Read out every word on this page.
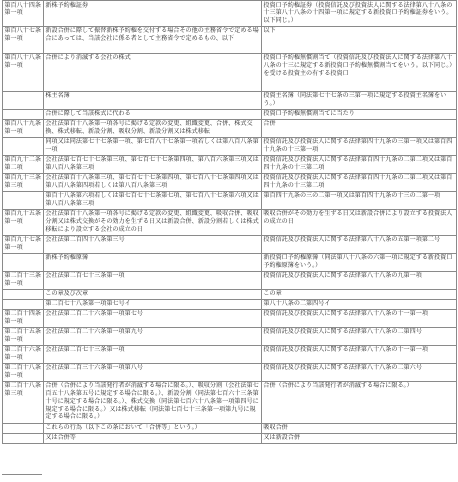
第百八十四条第一項	新株予約権証券	投資口予約権証券（投資信託及び投資法人に関する法律第八十八条の十三第八十八条の十四第一項に規定する新投資口予約権証券をいう。以下同じ。）
第百八十七条第一項	新設合併に際して振替新株予約権を交付する場合その他の主務省令で定める場合にあっては、当該会社に係る者として主務省令で定めるもの、以下	以下
第百八十八条第一項	合併により消滅する会社の株式	投資口予約権無償割当て（投資信託及び投資法人に関する法律第八十八条の十三に規定する新投資口予約権無償割当てをいう。以下同じ。）を受ける投資主の有する投資口
	株主名簿	投資主名簿（同法第七十七条の三第一項に規定する投資主名簿をいう。）
	合併に際して当該株式に代わる	投資口予約権無償割当てに当たり
第百八十九条第一項	会社法第百十八条第一項各号に掲げる定款の変更、組織変更、合併、株式交換、株式移転、新設分割、吸収分割、新設分割又は株式移転	合併
	同項又は同法第七十七条第一項、第七百八十七条第一項若しくは第八百八条第一項	投資信託及び投資法人に関する法律第四十九条の三第一項又は第百四十九条の十三第一項
第百九十二条第二項	会社法第七百七十七条第三項、第七百七十七条第四項、第八百六条第三項又は第八百八条第三項	投資信託及び投資法人に関する法律第百四十九条の二第二項又は第百四十九条の十三第二項
第百九十三条第三項	会社法第百十八条第三項、第七百七十七条第四項、第七百八十七条第四項又は第八百八条第四項若しくは第八百八条第三項	投資信託及び投資法人に関する法律第百四十九条の二第二項又は第百四十九条の十三第二項
	第百十八条第六項若しくは第七百七十七条第七項、第七百八十七条第六項又は第八百八条第三項	第百四十九条の三の二第一項又は第百四十九条の十三の二第一項
第百九十五条第一項	会社法第百十八条第一項各号に掲げる定款の変更、組織変更、吸収合併、吸収分割又は株式交換がその効力を生ずる日又は新設合併、新設分割若しくは株式移転により設立する会社の成立の日	吸収合併がその効力を生ずる日又は新設合併により設立する投資法人の成立の日
第百九十七条第一項	会社法第二百四十八条第三号	投資信託及び投資法人に関する法律第八十八条の五第一項第二号
	新株予約権原簿	新投資口予約権原簿（同法第八十八条の六第一項に規定する新投資口予約権原簿をいう。）
第二百十三条第一項	会社法第二百七十三条第一項	投資信託及び投資法人に関する法律第八十八条の九第一項
	この章及び次章	この章
	第二百七十八条第一項第七号イ	第八十八条の二第四号イ
第二百十四条第一項	会社法第二百二十六条第一項第七号	投資信託及び投資法人に関する法律第八十八条の十一第一項
第二百十五条第一項	会社法第二百二十六条第一項第九号	投資信託及び投資法人に関する法律第八十八条の二第四号
第二百十六条第一項	会社法第二百七十三条第一項	投資信託及び投資法人に関する法律第八十八条の十一第一項
第二百十八条第一項	会社法第二百三十六条第一項第八号	投資信託及び投資法人に関する法律第八十八条の二第六号
第二百十八条第三項	合併（合併により当該発行者が消滅する場合に限る。）、吸収分割（会社法第七百五十八条第五号に規定する場合に限る。）、新設分割（同法第七百六十三条第十号に規定する場合に限る。）、株式交換（同法第七百六十八条第一項第四号に規定する場合に限る。）又は株式移転（同法第七百七十三条第一項第九号に規定する場合に限る。）	合併（合併により当該発行者が消滅する場合に限る。）
	これらの行為（以下この条において「合併等」という。）	吸収合併
	又は合併等	又は新設合併
